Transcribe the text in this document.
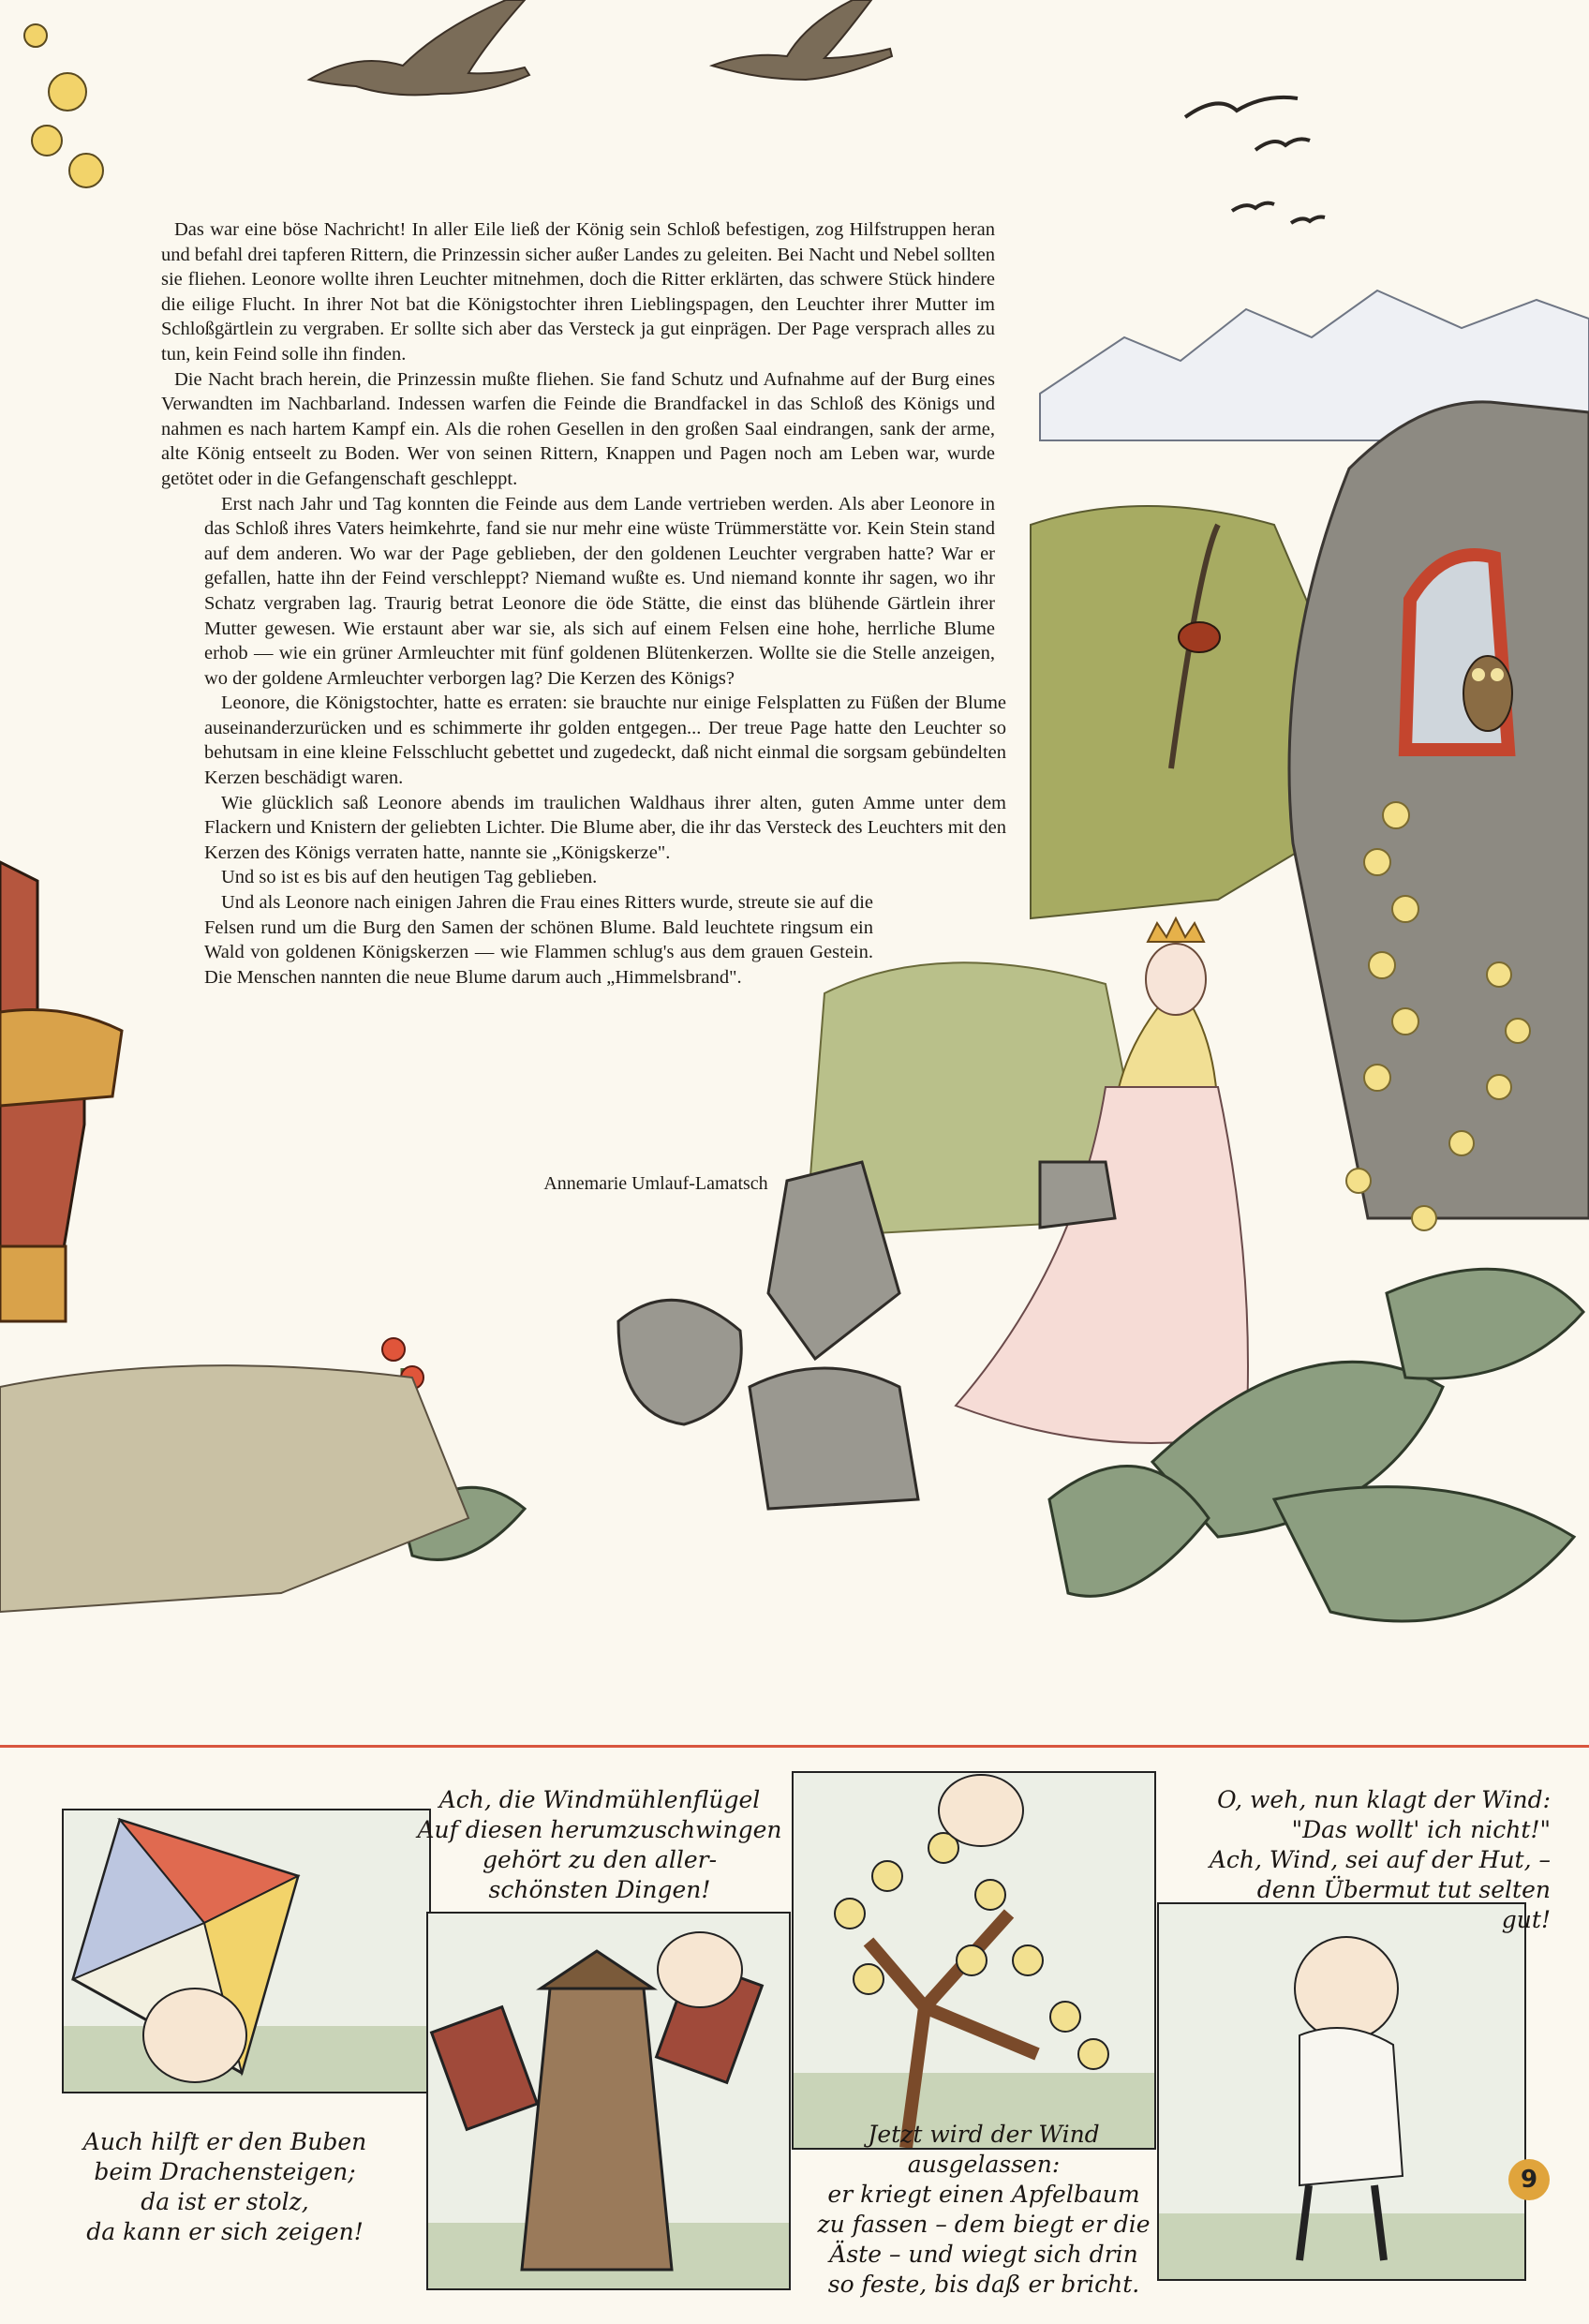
Das war eine böse Nachricht! In aller Eile ließ der König sein Schloß befestigen, zog Hilfstruppen heran und befahl drei tapferen Rittern, die Prinzessin sicher außer Landes zu geleiten. Bei Nacht und Nebel sollten sie fliehen. Leonore wollte ihren Leuchter mitnehmen, doch die Ritter erklärten, das schwere Stück hindere die eilige Flucht. In ihrer Not bat die Königstochter ihren Lieblingspagen, den Leuchter ihrer Mutter im Schloßgärtlein zu vergraben. Er sollte sich aber das Versteck ja gut einprägen. Der Page versprach alles zu tun, kein Feind solle ihn finden.

Die Nacht brach herein, die Prinzessin mußte fliehen. Sie fand Schutz und Aufnahme auf der Burg eines Verwandten im Nachbarland. Indessen warfen die Feinde die Brandfackel in das Schloß des Königs und nahmen es nach hartem Kampf ein. Als die rohen Gesellen in den großen Saal eindrangen, sank der arme, alte König entseelt zu Boden. Wer von seinen Rittern, Knappen und Pagen noch am Leben war, wurde getötet oder in die Gefangenschaft geschleppt.

Erst nach Jahr und Tag konnten die Feinde aus dem Lande vertrieben werden. Als aber Leonore in das Schloß ihres Vaters heimkehrte, fand sie nur mehr eine wüste Trümmerstätte vor. Kein Stein stand auf dem anderen. Wo war der Page geblieben, der den goldenen Leuchter vergraben hatte? War er gefallen, hatte ihn der Feind verschleppt? Niemand wußte es. Und niemand konnte ihr sagen, wo ihr Schatz vergraben lag. Traurig betrat Leonore die öde Stätte, die einst das blühende Gärtlein ihrer Mutter gewesen. Wie erstaunt aber war sie, als sich auf einem Felsen eine hohe, herrliche Blume erhob — wie ein grüner Armleuchter mit fünf goldenen Blütenkerzen. Wollte sie die Stelle anzeigen, wo der goldene Armleuchter verborgen lag? Die Kerzen des Königs?

Leonore, die Königstochter, hatte es erraten: sie brauchte nur einige Felsplatten zu Füßen der Blume auseinanderzurücken und es schimmerte ihr golden entgegen... Der treue Page hatte den Leuchter so behutsam in eine kleine Felsschlucht gebettet und zugedeckt, daß nicht einmal die sorgsam gebündelten Kerzen beschädigt waren.

Wie glücklich saß Leonore abends im traulichen Waldhaus ihrer alten, guten Amme unter dem Flackern und Knistern der geliebten Lichter. Die Blume aber, die ihr das Versteck des Leuchters mit den Kerzen des Königs verraten hatte, nannte sie „Königskerze".

Und so ist es bis auf den heutigen Tag geblieben.

Und als Leonore nach einigen Jahren die Frau eines Ritters wurde, streute sie auf die Felsen rund um die Burg den Samen der schönen Blume. Bald leuchtete ringsum ein Wald von goldenen Königskerzen — wie Flammen schlug's aus dem grauen Gestein. Die Menschen nannten die neue Blume darum auch „Himmelsbrand".

Annemarie Umlauf-Lamatsch
Auch hilft er den Buben
beim Drachensteigen;
da ist er stolz,
da kann er sich zeigen!
Ach, die Windmühlenflügel
Auf diesen herumzuschwingen
gehört zu den aller-
schönsten Dingen!
Jetzt wird der Wind
ausgelassen:
er kriegt einen Apfelbaum
zu fassen – dem biegt er die
Äste – und wiegt sich drin
so feste, bis daß er bricht.
O, weh, nun klagt der Wind:
"Das wollt' ich nicht!"
Ach, Wind, sei auf der Hut, –
denn Übermut tut selten
gut!
9
